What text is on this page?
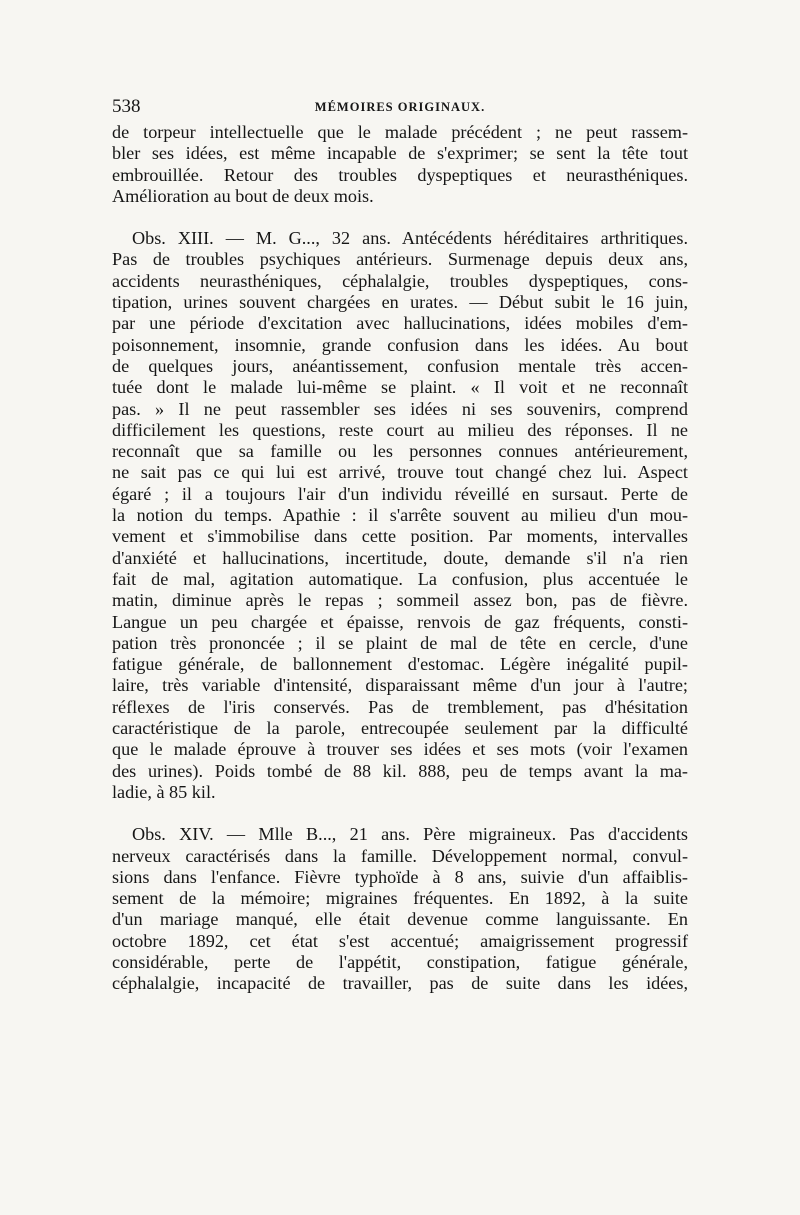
538	MÉMOIRES ORIGINAUX.

de torpeur intellectuelle que le malade précédent ; ne peut rassem-
bler ses idées, est même incapable de s'exprimer; se sent la tête tout
embrouillée. Retour des troubles dyspeptiques et neurasthéniques.
Amélioration au bout de deux mois.

Obs. XIII. — M. G..., 32 ans. Antécédents héréditaires arthritiques.
Pas de troubles psychiques antérieurs. Surmenage depuis deux ans,
accidents neurasthéniques, céphalalgie, troubles dyspeptiques, cons-
tipation, urines souvent chargées en urates. — Début subit le 16 juin,
par une période d'excitation avec hallucinations, idées mobiles d'em-
poisonnement, insomnie, grande confusion dans les idées. Au bout
de quelques jours, anéantissement, confusion mentale très accen-
tuée dont le malade lui-même se plaint. « Il voit et ne reconnaît
pas. » Il ne peut rassembler ses idées ni ses souvenirs, comprend
difficilement les questions, reste court au milieu des réponses. Il ne
reconnaît que sa famille ou les personnes connues antérieurement,
ne sait pas ce qui lui est arrivé, trouve tout changé chez lui. Aspect
égaré ; il a toujours l'air d'un individu réveillé en sursaut. Perte de
la notion du temps. Apathie : il s'arrête souvent au milieu d'un mou-
vement et s'immobilise dans cette position. Par moments, intervalles
d'anxiété et hallucinations, incertitude, doute, demande s'il n'a rien
fait de mal, agitation automatique. La confusion, plus accentuée le
matin, diminue après le repas ; sommeil assez bon, pas de fièvre.
Langue un peu chargée et épaisse, renvois de gaz fréquents, consti-
pation très prononcée ; il se plaint de mal de tête en cercle, d'une
fatigue générale, de ballonnement d'estomac. Légère inégalité pupil-
laire, très variable d'intensité, disparaissant même d'un jour à l'autre;
réflexes de l'iris conservés. Pas de tremblement, pas d'hésitation
caractéristique de la parole, entrecoupée seulement par la difficulté
que le malade éprouve à trouver ses idées et ses mots (voir l'examen
des urines). Poids tombé de 88 kil. 888, peu de temps avant la ma-
ladie, à 85 kil.

Obs. XIV. — Mlle B..., 21 ans. Père migraineux. Pas d'accidents
nerveux caractérisés dans la famille. Développement normal, convul-
sions dans l'enfance. Fièvre typhoïde à 8 ans, suivie d'un affaiblis-
sement de la mémoire; migraines fréquentes. En 1892, à la suite
d'un mariage manqué, elle était devenue comme languissante. En
octobre 1892, cet état s'est accentué; amaigrissement progressif
considérable, perte de l'appétit, constipation, fatigue générale,
céphalalgie, incapacité de travailler, pas de suite dans les idées,
